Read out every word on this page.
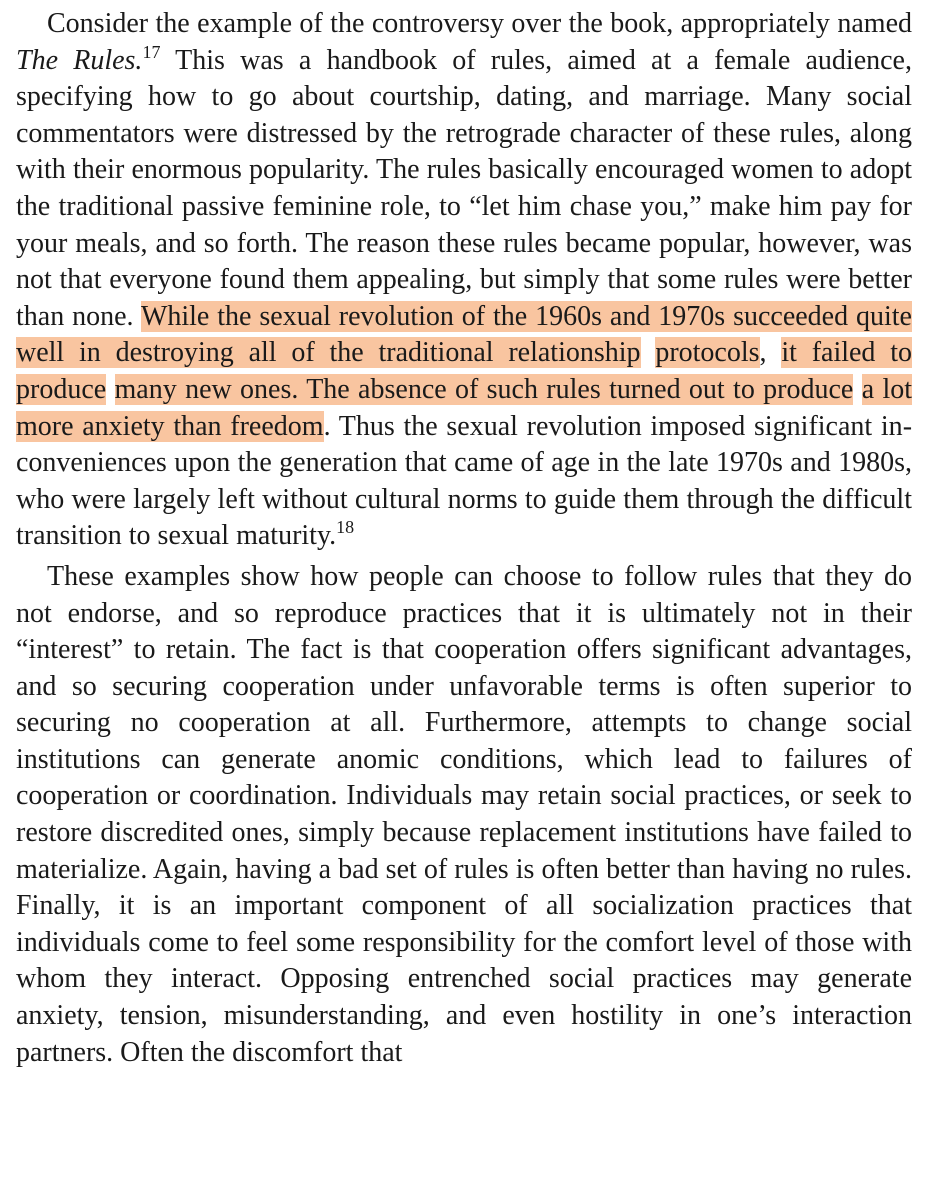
Consider the example of the controversy over the book, appropriately named The Rules.$^{17}$ This was a handbook of rules, aimed at a female audience, specifying how to go about courtship, dating, and marriage. Many social commentators were distressed by the retrograde character of these rules, along with their enormous popularity. The rules basically encouraged women to adopt the traditional passive feminine role, to “let him chase you,” make him pay for your meals, and so forth. The reason these rules became popular, however, was not that everyone found them appealing, but simply that some rules were better than none. While the sexual revolution of the 1960s and 1970s succeeded quite well in destroying all of the traditional relationship protocols, it failed to produce many new ones. The absence of such rules turned out to produce a lot more anxiety than freedom. Thus the sexual revolution imposed significant inconveniences upon the generation that came of age in the late 1970s and 1980s, who were largely left without cultural norms to guide them through the difficult transition to sexual maturity.$^{18}$

These examples show how people can choose to follow rules that they do not endorse, and so reproduce practices that it is ultimately not in their “interest” to retain. The fact is that cooperation offers significant advantages, and so securing cooperation under unfavorable terms is often superior to securing no cooperation at all. Furthermore, attempts to change social institutions can generate anomic conditions, which lead to failures of cooperation or coordination. Individuals may retain social practices, or seek to restore discredited ones, simply because replacement institutions have failed to materialize. Again, having a bad set of rules is often better than having no rules. Finally, it is an important component of all socialization practices that individuals come to feel some responsibility for the comfort level of those with whom they interact. Opposing entrenched social practices may generate anxiety, tension, misunderstanding, and even hostility in one’s interaction partners. Often the discomfort that
